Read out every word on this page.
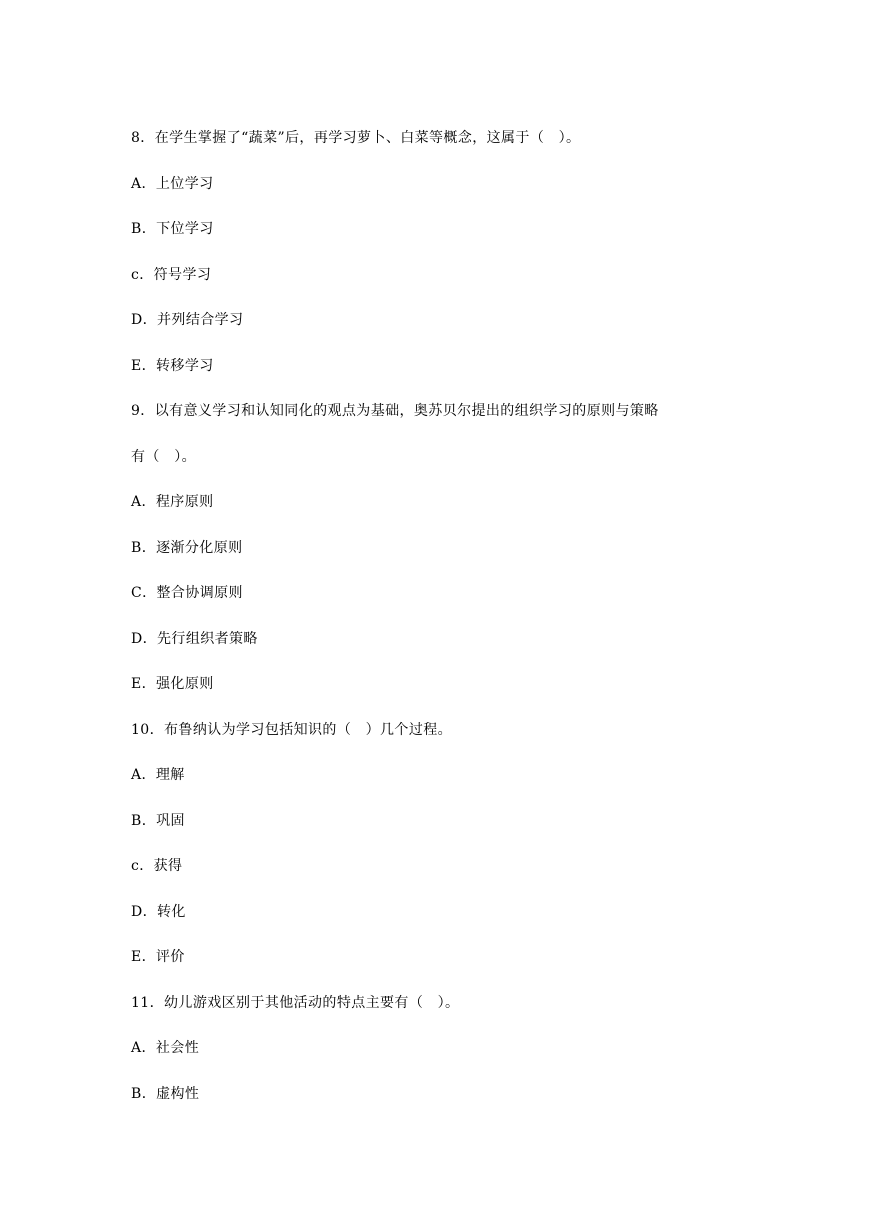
8．在学生掌握了“蔬菜”后，再学习萝卜、白菜等概念，这属于（　）。
A．上位学习
B．下位学习
c．符号学习
D．并列结合学习
E．转移学习
9．以有意义学习和认知同化的观点为基础，奥苏贝尔提出的组织学习的原则与策略
有（　）。
A．程序原则
B．逐渐分化原则
C．整合协调原则
D．先行组织者策略
E．强化原则
10．布鲁纳认为学习包括知识的（　）几个过程。
A．理解
B．巩固
c．获得
D．转化
E．评价
11．幼儿游戏区别于其他活动的特点主要有（　）。
A．社会性
B．虚构性
